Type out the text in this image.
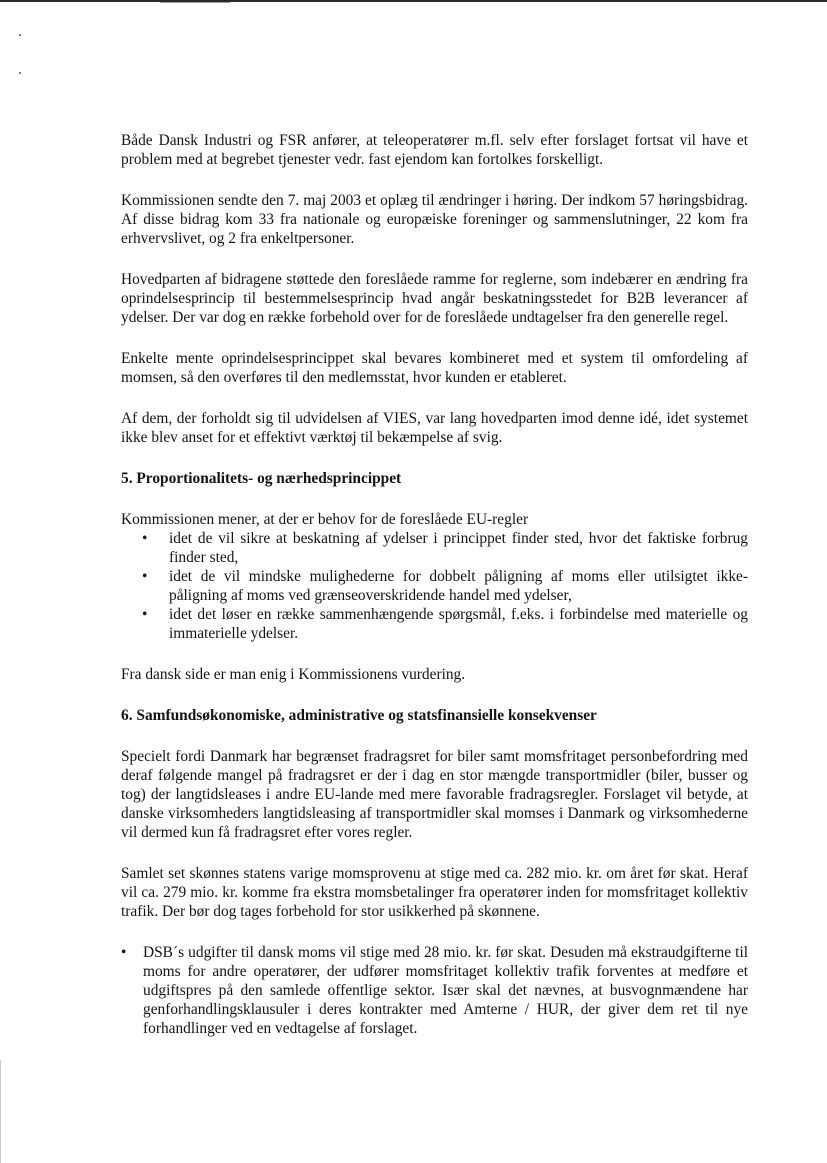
Både Dansk Industri og FSR anfører, at teleoperatører m.fl. selv efter forslaget fortsat vil have et problem med at begrebet tjenester vedr. fast ejendom kan fortolkes forskelligt.

Kommissionen sendte den 7. maj 2003 et oplæg til ændringer i høring. Der indkom 57 høringsbidrag. Af disse bidrag kom 33 fra nationale og europæiske foreninger og sammenslutninger, 22 kom fra erhvervslivet, og 2 fra enkeltpersoner.

Hovedparten af bidragene støttede den foreslåede ramme for reglerne, som indebærer en ændring fra oprindelsesprincip til bestemmelsesprincip hvad angår beskatningsstedet for B2B leverancer af ydelser. Der var dog en række forbehold over for de foreslåede undtagelser fra den generelle regel.

Enkelte mente oprindelsesprincippet skal bevares kombineret med et system til omfordeling af momsen, så den overføres til den medlemsstat, hvor kunden er etableret.

Af dem, der forholdt sig til udvidelsen af VIES, var lang hovedparten imod denne idé, idet systemet ikke blev anset for et effektivt værktøj til bekæmpelse af svig.

5. Proportionalitets- og nærhedsprincippet

Kommissionen mener, at der er behov for de foreslåede EU-regler

• idet de vil sikre at beskatning af ydelser i princippet finder sted, hvor det faktiske forbrug finder sted,
• idet de vil mindske mulighederne for dobbelt påligning af moms eller utilsigtet ikke-påligning af moms ved grænseoverskridende handel med ydelser,
• idet det løser en række sammenhængende spørgsmål, f.eks. i forbindelse med materielle og immaterielle ydelser.

Fra dansk side er man enig i Kommissionens vurdering.

6. Samfundsøkonomiske, administrative og statsfinansielle konsekvenser

Specielt fordi Danmark har begrænset fradragsret for biler samt momsfritaget personbefordring med deraf følgende mangel på fradragsret er der i dag en stor mængde transportmidler (biler, busser og tog) der langtidsleases i andre EU-lande med mere favorable fradragsregler. Forslaget vil betyde, at danske virksomheders langtidsleasing af transportmidler skal momses i Danmark og virksomhederne vil dermed kun få fradragsret efter vores regler.

Samlet set skønnes statens varige momsprovenu at stige med ca. 282 mio. kr. om året før skat. Heraf vil ca. 279 mio. kr. komme fra ekstra momsbetalinger fra operatører inden for momsfritaget kollektiv trafik. Der bør dog tages forbehold for stor usikkerhed på skønnene.

• DSB´s udgifter til dansk moms vil stige med 28 mio. kr. før skat. Desuden må ekstraudgifterne til moms for andre operatører, der udfører momsfritaget kollektiv trafik forventes at medføre et udgiftspres på den samlede offentlige sektor. Især skal det nævnes, at busvognmændene har genforhandlingsklausuler i deres kontrakter med Amterne / HUR, der giver dem ret til nye forhandlinger ved en vedtagelse af forslaget.
